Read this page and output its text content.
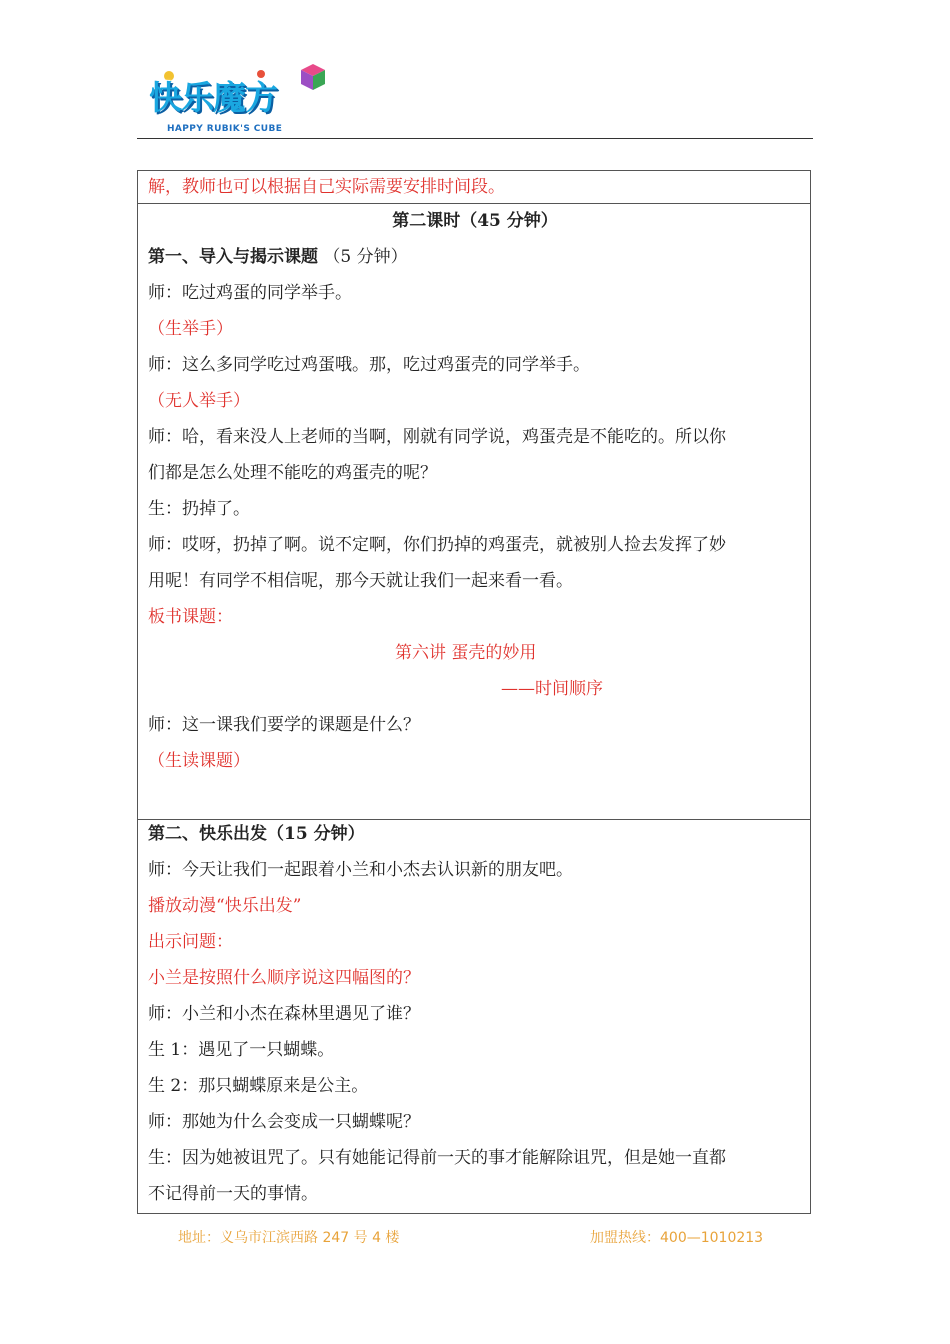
快乐魔方
HAPPY RUBIK'S CUBE
解，教师也可以根据自己实际需要安排时间段。
第二课时（45 分钟）
第一、导入与揭示课题 （5 分钟）
师：吃过鸡蛋的同学举手。
（生举手）
师：这么多同学吃过鸡蛋哦。那，吃过鸡蛋壳的同学举手。
（无人举手）
师：哈，看来没人上老师的当啊，刚就有同学说，鸡蛋壳是不能吃的。所以你
们都是怎么处理不能吃的鸡蛋壳的呢？
生：扔掉了。
师：哎呀，扔掉了啊。说不定啊，你们扔掉的鸡蛋壳，就被别人捡去发挥了妙
用呢！有同学不相信呢，那今天就让我们一起来看一看。
板书课题：
第六讲 蛋壳的妙用
——时间顺序
师：这一课我们要学的课题是什么？
（生读课题）
第二、快乐出发（15 分钟）
师：今天让我们一起跟着小兰和小杰去认识新的朋友吧。
播放动漫“快乐出发”
出示问题：
小兰是按照什么顺序说这四幅图的？
师：小兰和小杰在森林里遇见了谁？
生 1：遇见了一只蝴蝶。
生 2：那只蝴蝶原来是公主。
师：那她为什么会变成一只蝴蝶呢？
生：因为她被诅咒了。只有她能记得前一天的事才能解除诅咒，但是她一直都
不记得前一天的事情。
地址：义乌市江滨西路 247 号 4 楼	加盟热线：400—1010213
